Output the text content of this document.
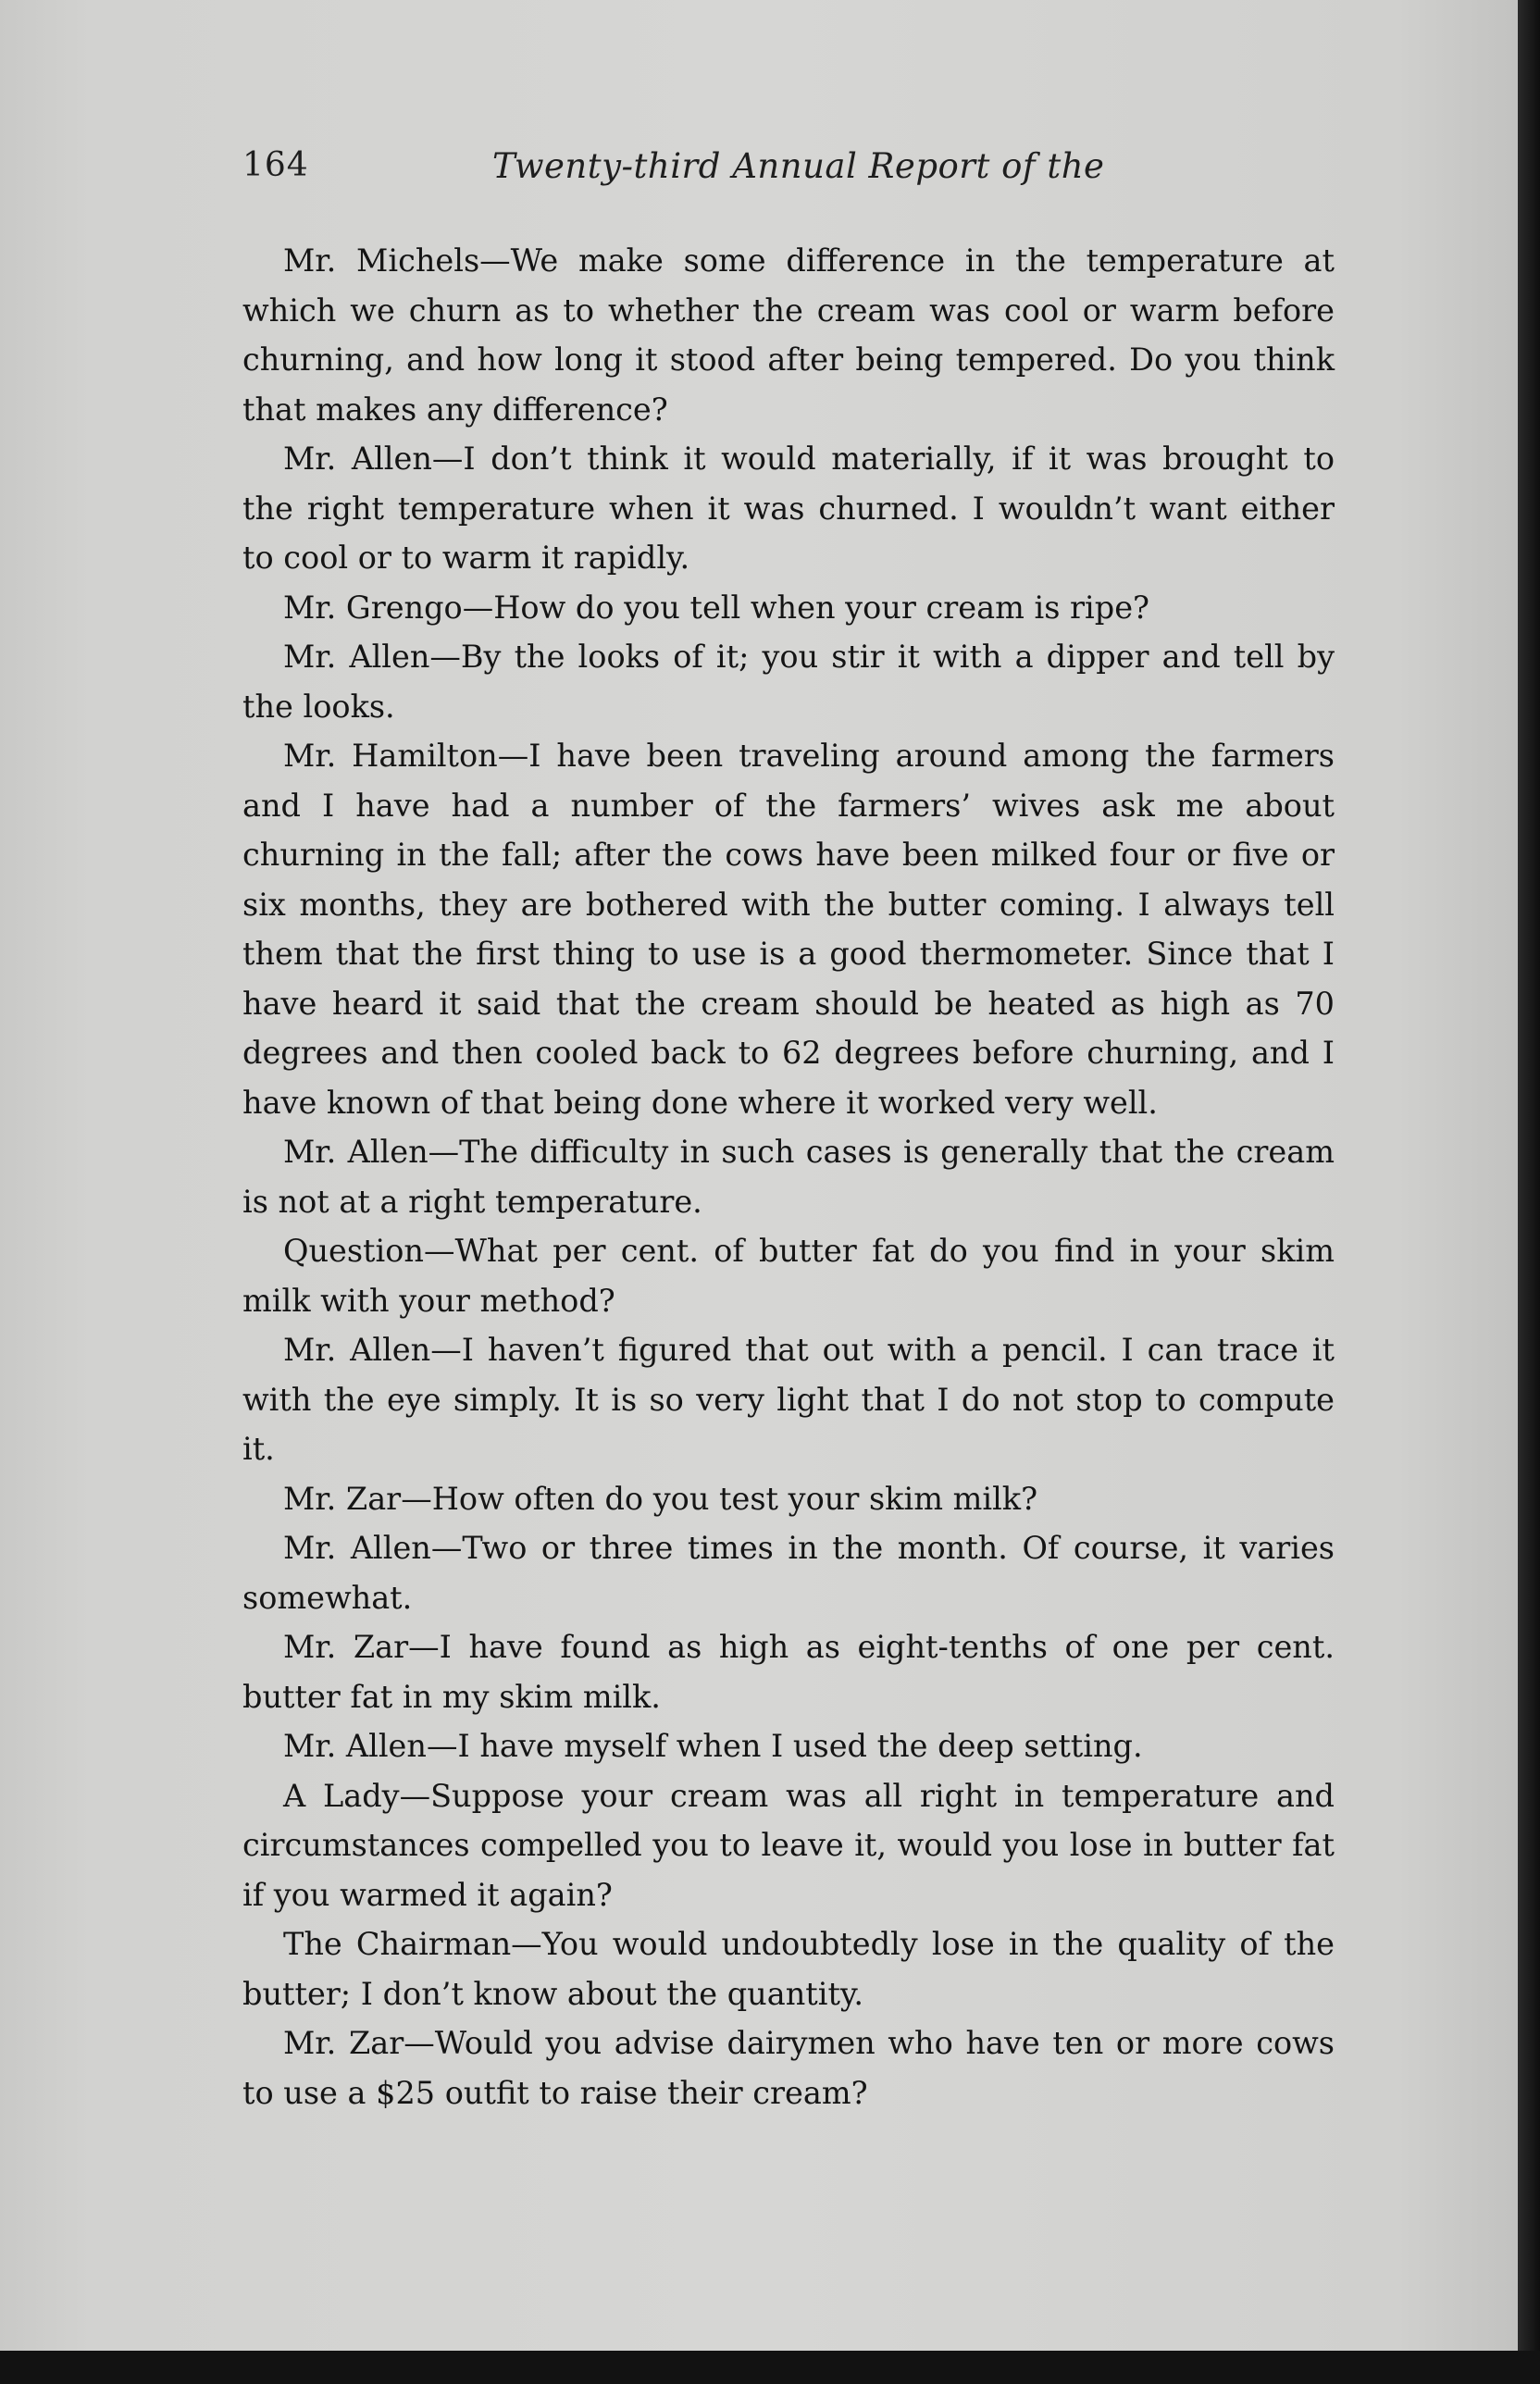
164	Twenty-third Annual Report of the

Mr. Michels—We make some difference in the temperature at which we churn as to whether the cream was cool or warm before churning, and how long it stood after being tempered. Do you think that makes any difference?

Mr. Allen—I don’t think it would materially, if it was brought to the right temperature when it was churned. I wouldn’t want either to cool or to warm it rapidly.

Mr. Grengo—How do you tell when your cream is ripe?

Mr. Allen—By the looks of it; you stir it with a dipper and tell by the looks.

Mr. Hamilton—I have been traveling around among the farmers and I have had a number of the farmers’ wives ask me about churning in the fall; after the cows have been milked four or five or six months, they are bothered with the butter coming. I always tell them that the first thing to use is a good thermometer. Since that I have heard it said that the cream should be heated as high as 70 degrees and then cooled back to 62 degrees before churning, and I have known of that being done where it worked very well.

Mr. Allen—The difficulty in such cases is generally that the cream is not at a right temperature.

Question—What per cent. of butter fat do you find in your skim milk with your method?

Mr. Allen—I haven’t figured that out with a pencil. I can trace it with the eye simply. It is so very light that I do not stop to compute it.

Mr. Zar—How often do you test your skim milk?

Mr. Allen—Two or three times in the month. Of course, it varies somewhat.

Mr. Zar—I have found as high as eight-tenths of one per cent. butter fat in my skim milk.

Mr. Allen—I have myself when I used the deep setting.

A Lady—Suppose your cream was all right in temperature and circumstances compelled you to leave it, would you lose in butter fat if you warmed it again?

The Chairman—You would undoubtedly lose in the quality of the butter; I don’t know about the quantity.

Mr. Zar—Would you advise dairymen who have ten or more cows to use a $25 outfit to raise their cream?
